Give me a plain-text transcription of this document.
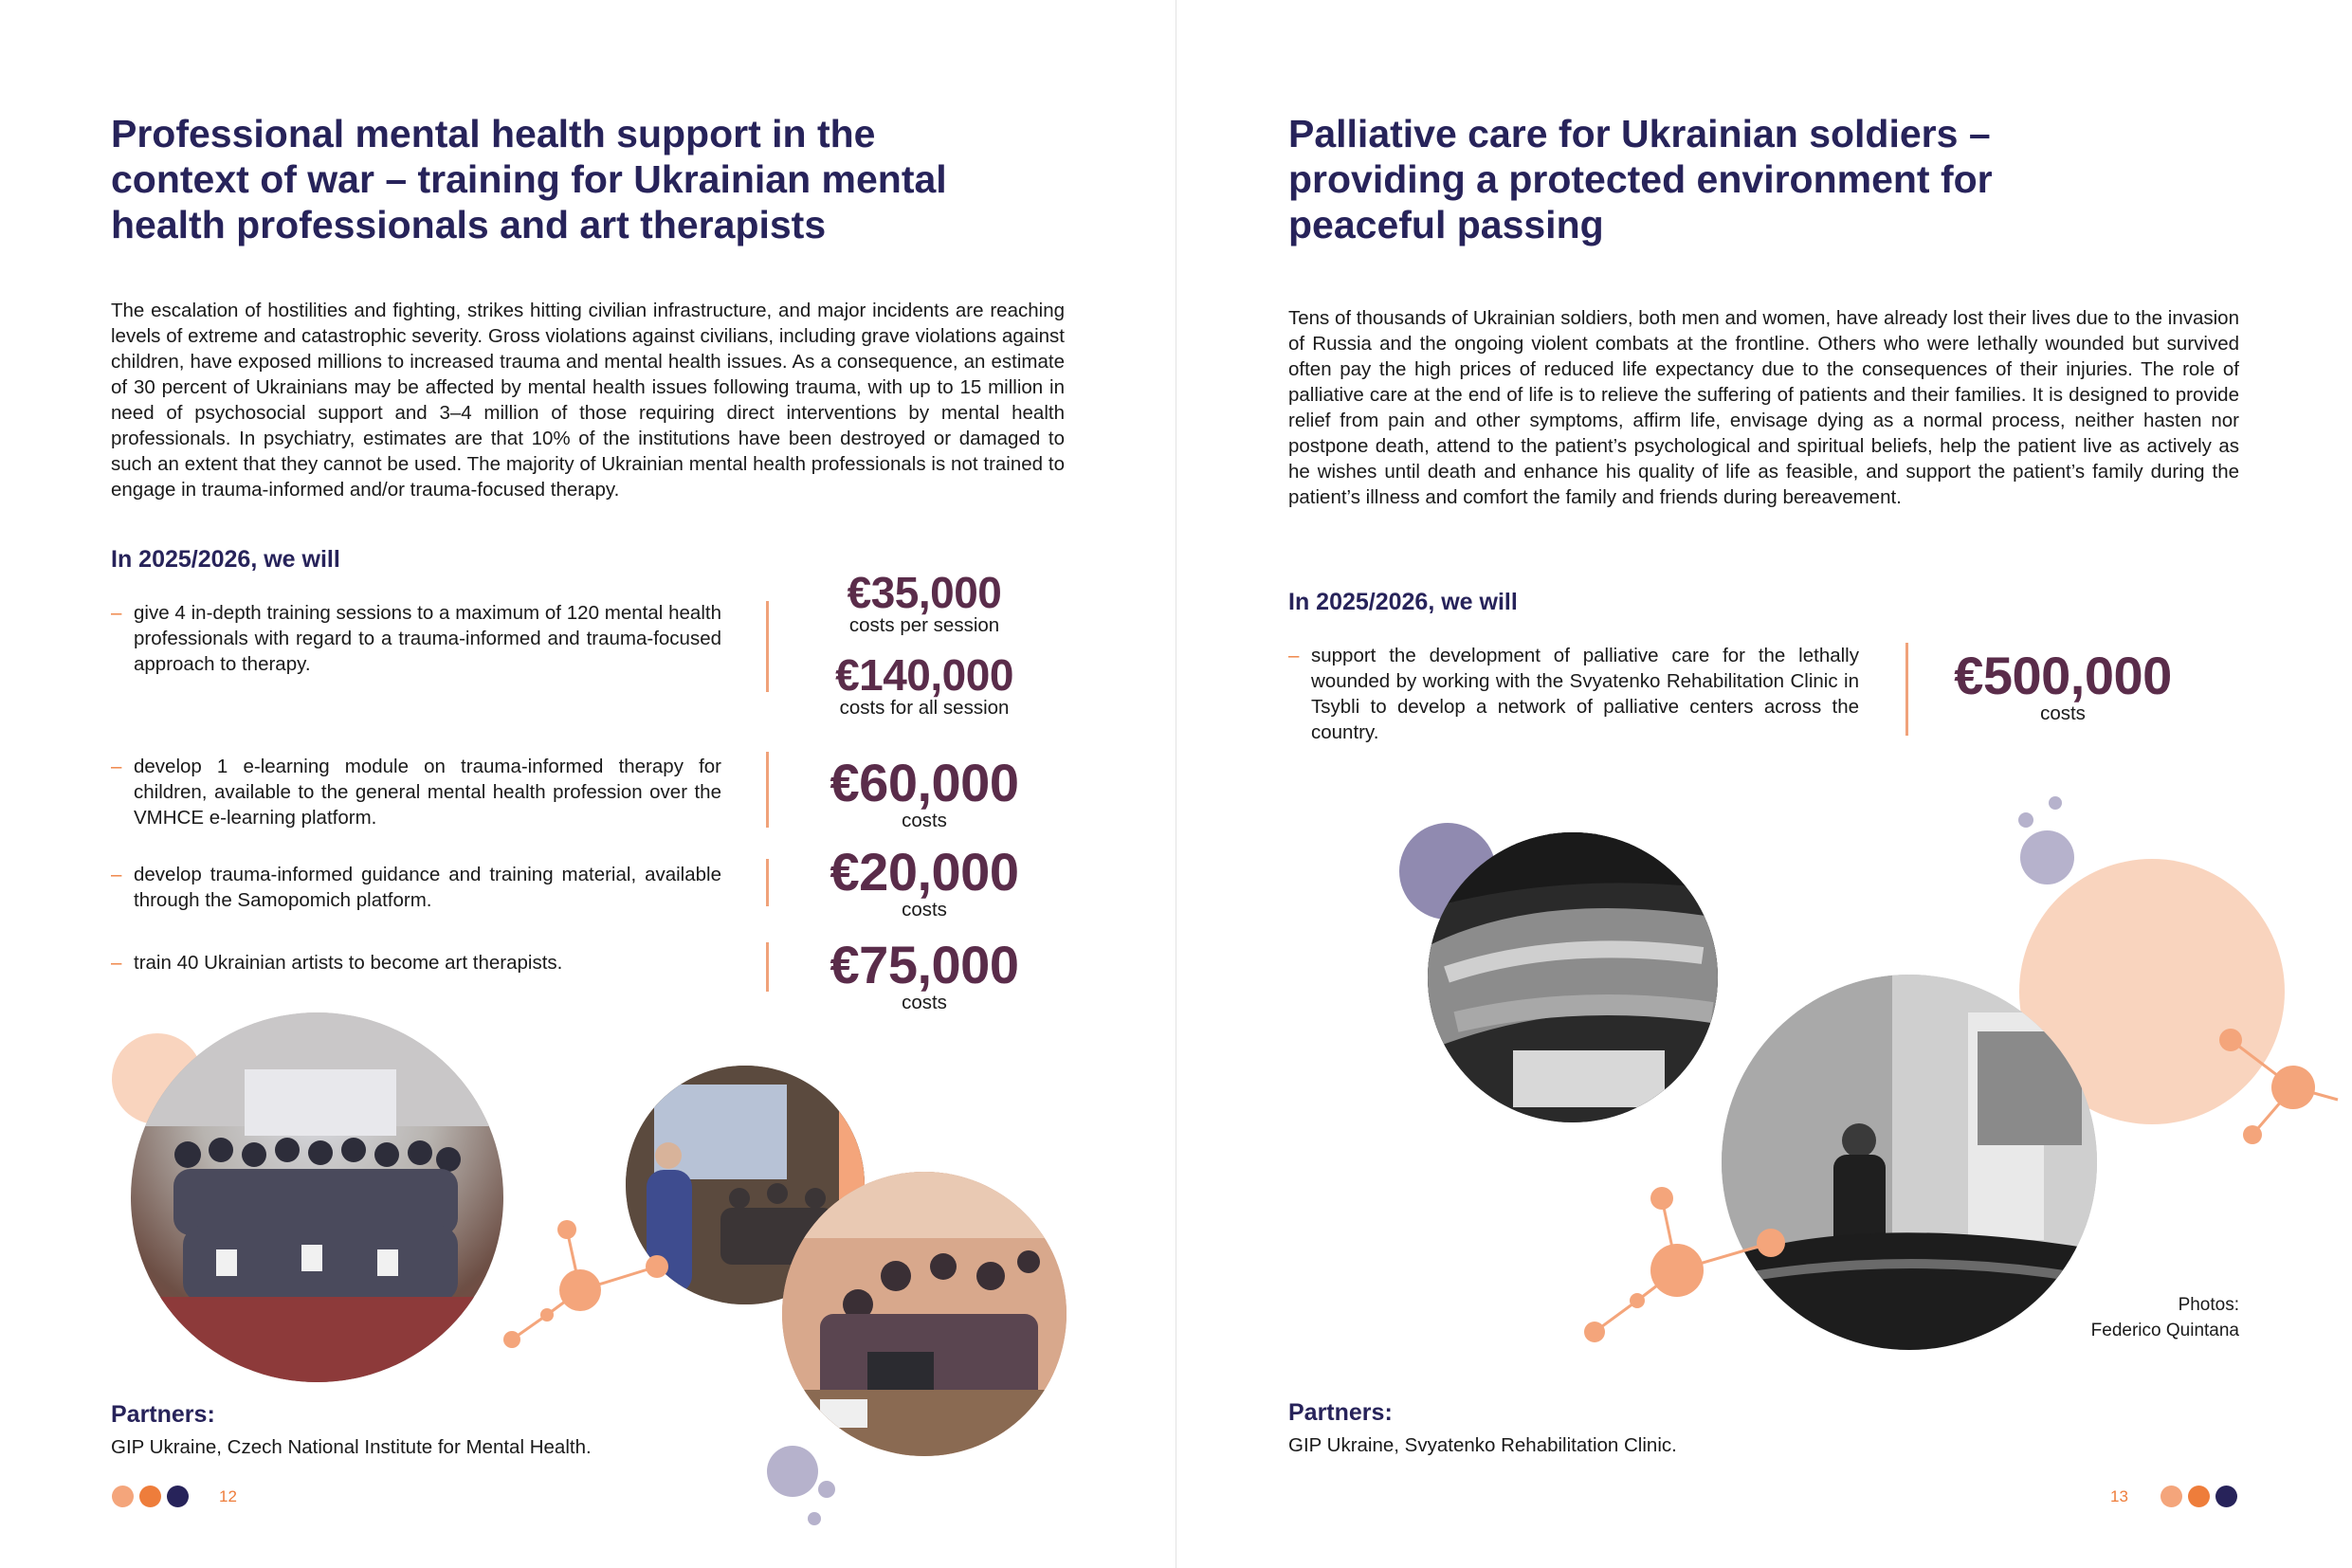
Professional mental health support in the
context of war – training for Ukrainian mental
health professionals and art therapists

The escalation of hostilities and fighting, strikes hitting civilian infrastructure, and major incidents are reaching levels of extreme and catastrophic severity. Gross violations against civilians, including grave violations against children, have exposed millions to increased trauma and mental health issues. As a consequence, an estimate of 30 percent of Ukrainians may be affected by mental health issues following trauma, with up to 15 million in need of psychosocial support and 3–4 million of those requiring direct interventions by mental health professionals. In psychiatry, estimates are that 10% of the institutions have been destroyed or damaged to such an extent that they cannot be used. The majority of Ukrainian mental health professionals is not trained to engage in trauma-informed and/or trauma-focused therapy.

In 2025/2026, we will
– give 4 in-depth training sessions to a maximum of 120 mental health professionals with regard to a trauma-informed and trauma-focused approach to therapy.
– develop 1 e-learning module on trauma-informed therapy for children, available to the general mental health profession over the VMHCE e-learning platform.
– develop trauma-informed guidance and training material, available through the Samopomich platform.
– train 40 Ukrainian artists to become art therapists.
€35,000
costs per session
€140,000
costs for all session
€60,000
costs
€20,000
costs
€75,000
costs
Partners:

GIP Ukraine, Czech National Institute for Mental Health.

12
Palliative care for Ukrainian soldiers –
providing a protected environment for
peaceful passing

Tens of thousands of Ukrainian soldiers, both men and women, have already lost their lives due to the invasion of Russia and the ongoing violent combats at the frontline. Others who were lethally wounded but survived often pay the high prices of reduced life expectancy due to the consequences of their injuries. The role of palliative care at the end of life is to relieve the suffering of patients and their families. It is designed to provide relief from pain and other symptoms, affirm life, envisage dying as a normal process, neither hasten nor postpone death, attend to the patient’s psychological and spiritual beliefs, help the patient live as actively as he wishes until death and enhance his quality of life as feasible, and support the patient’s family during the patient’s illness and comfort the family and friends during bereavement.

In 2025/2026, we will
– support the development of palliative care for the lethally wounded by working with the Svyatenko Rehabilitation Clinic in Tsybli to develop a network of palliative centers across the country.
€500,000
costs
Photos:
Federico Quintana
Partners:

GIP Ukraine, Svyatenko Rehabilitation Clinic.

13
